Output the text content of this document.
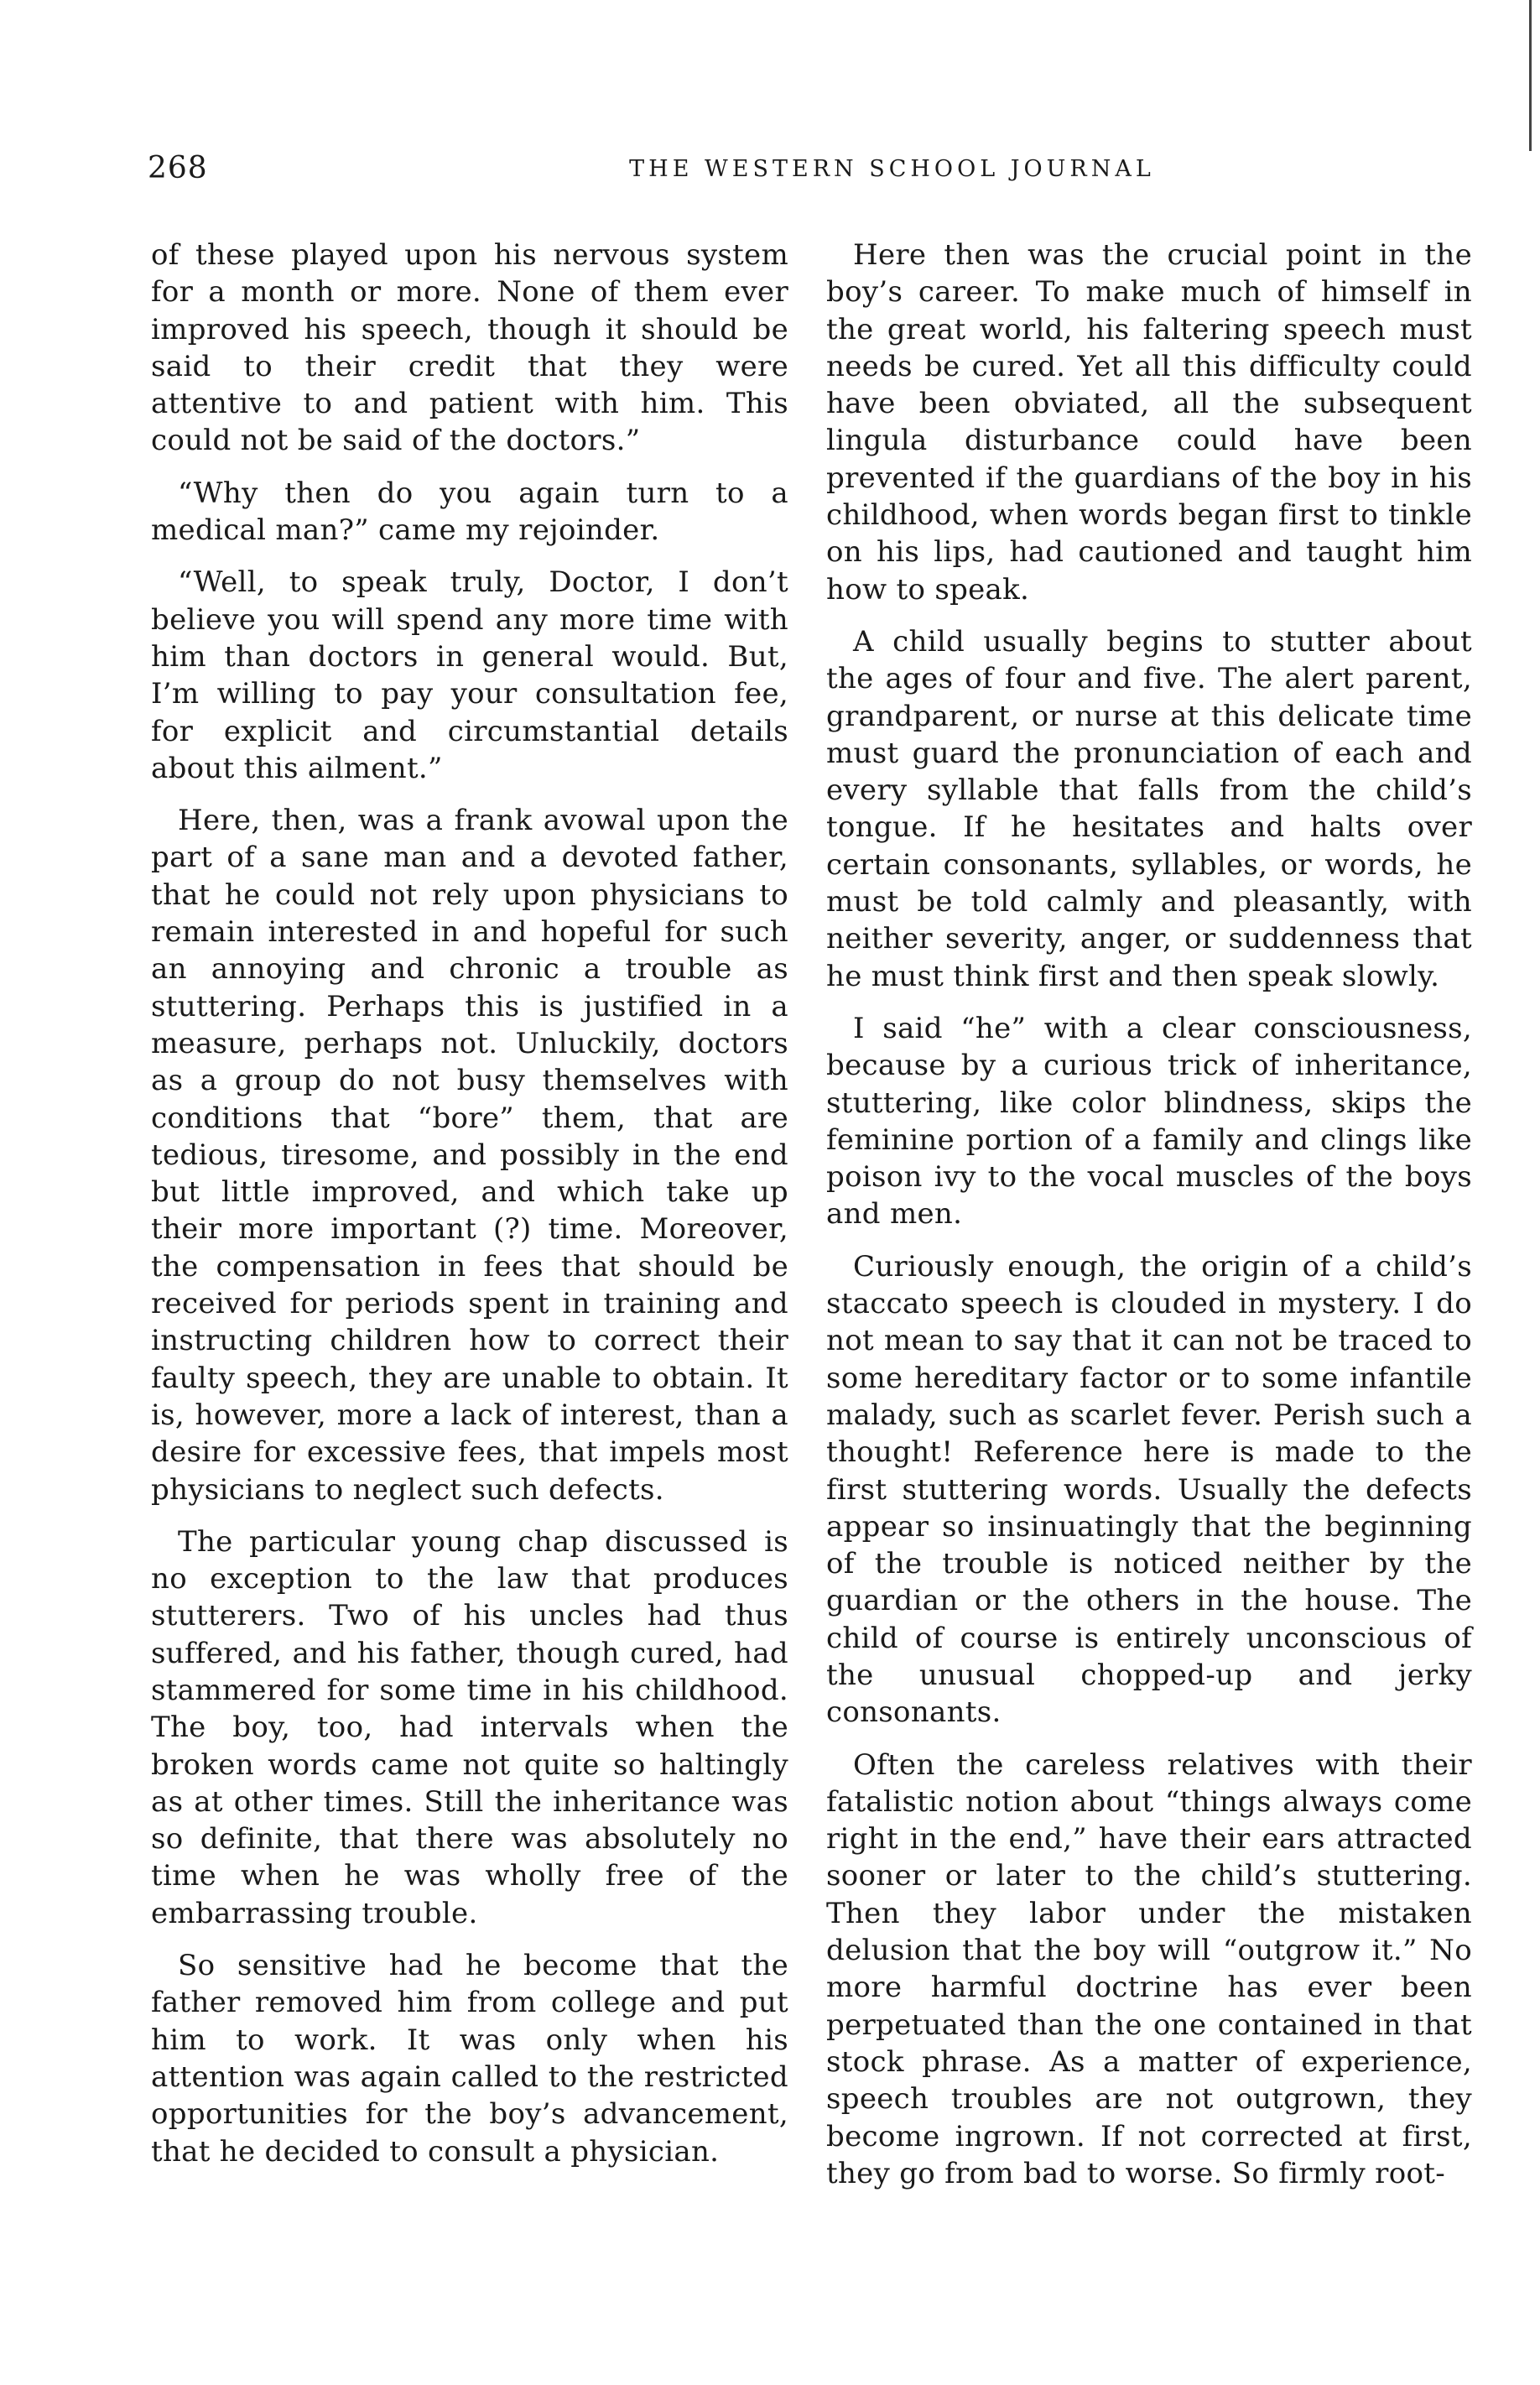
268	THE WESTERN SCHOOL JOURNAL

of these played upon his nervous system for a month or more. None of them ever improved his speech, though it should be said to their credit that they were attentive to and patient with him. This could not be said of the doctors.”

“Why then do you again turn to a medical man?” came my rejoinder.

“Well, to speak truly, Doctor, I don’t believe you will spend any more time with him than doctors in general would. But, I’m willing to pay your consultation fee, for explicit and circumstantial details about this ailment.”

Here, then, was a frank avowal upon the part of a sane man and a devoted father, that he could not rely upon physicians to remain interested in and hopeful for such an annoying and chronic a trouble as stuttering. Perhaps this is justified in a measure, perhaps not. Unluckily, doctors as a group do not busy themselves with conditions that “bore” them, that are tedious, tiresome, and possibly in the end but little improved, and which take up their more important (?) time. Moreover, the compensation in fees that should be received for periods spent in training and instructing children how to correct their faulty speech, they are unable to obtain. It is, however, more a lack of interest, than a desire for excessive fees, that impels most physicians to neglect such defects.

The particular young chap discussed is no exception to the law that produces stutterers. Two of his uncles had thus suffered, and his father, though cured, had stammered for some time in his childhood. The boy, too, had intervals when the broken words came not quite so haltingly as at other times. Still the inheritance was so definite, that there was absolutely no time when he was wholly free of the embarrassing trouble.

So sensitive had he become that the father removed him from college and put him to work. It was only when his attention was again called to the restricted opportunities for the boy’s advancement, that he decided to consult a physician.

Here then was the crucial point in the boy’s career. To make much of himself in the great world, his faltering speech must needs be cured. Yet all this difficulty could have been obviated, all the subsequent lingula disturbance could have been prevented if the guardians of the boy in his childhood, when words began first to tinkle on his lips, had cautioned and taught him how to speak.

A child usually begins to stutter about the ages of four and five. The alert parent, grandparent, or nurse at this delicate time must guard the pronunciation of each and every syllable that falls from the child’s tongue. If he hesitates and halts over certain consonants, syllables, or words, he must be told calmly and pleasantly, with neither severity, anger, or suddenness that he must think first and then speak slowly.

I said “he” with a clear consciousness, because by a curious trick of inheritance, stuttering, like color blindness, skips the feminine portion of a family and clings like poison ivy to the vocal muscles of the boys and men.

Curiously enough, the origin of a child’s staccato speech is clouded in mystery. I do not mean to say that it can not be traced to some hereditary factor or to some infantile malady, such as scarlet fever. Perish such a thought! Reference here is made to the first stuttering words. Usually the defects appear so insinuatingly that the beginning of the trouble is noticed neither by the guardian or the others in the house. The child of course is entirely unconscious of the unusual chopped-up and jerky consonants.

Often the careless relatives with their fatalistic notion about “things always come right in the end,” have their ears attracted sooner or later to the child’s stuttering. Then they labor under the mistaken delusion that the boy will “outgrow it.” No more harmful doctrine has ever been perpetuated than the one contained in that stock phrase. As a matter of experience, speech troubles are not outgrown, they become ingrown. If not corrected at first, they go from bad to worse. So firmly root-
